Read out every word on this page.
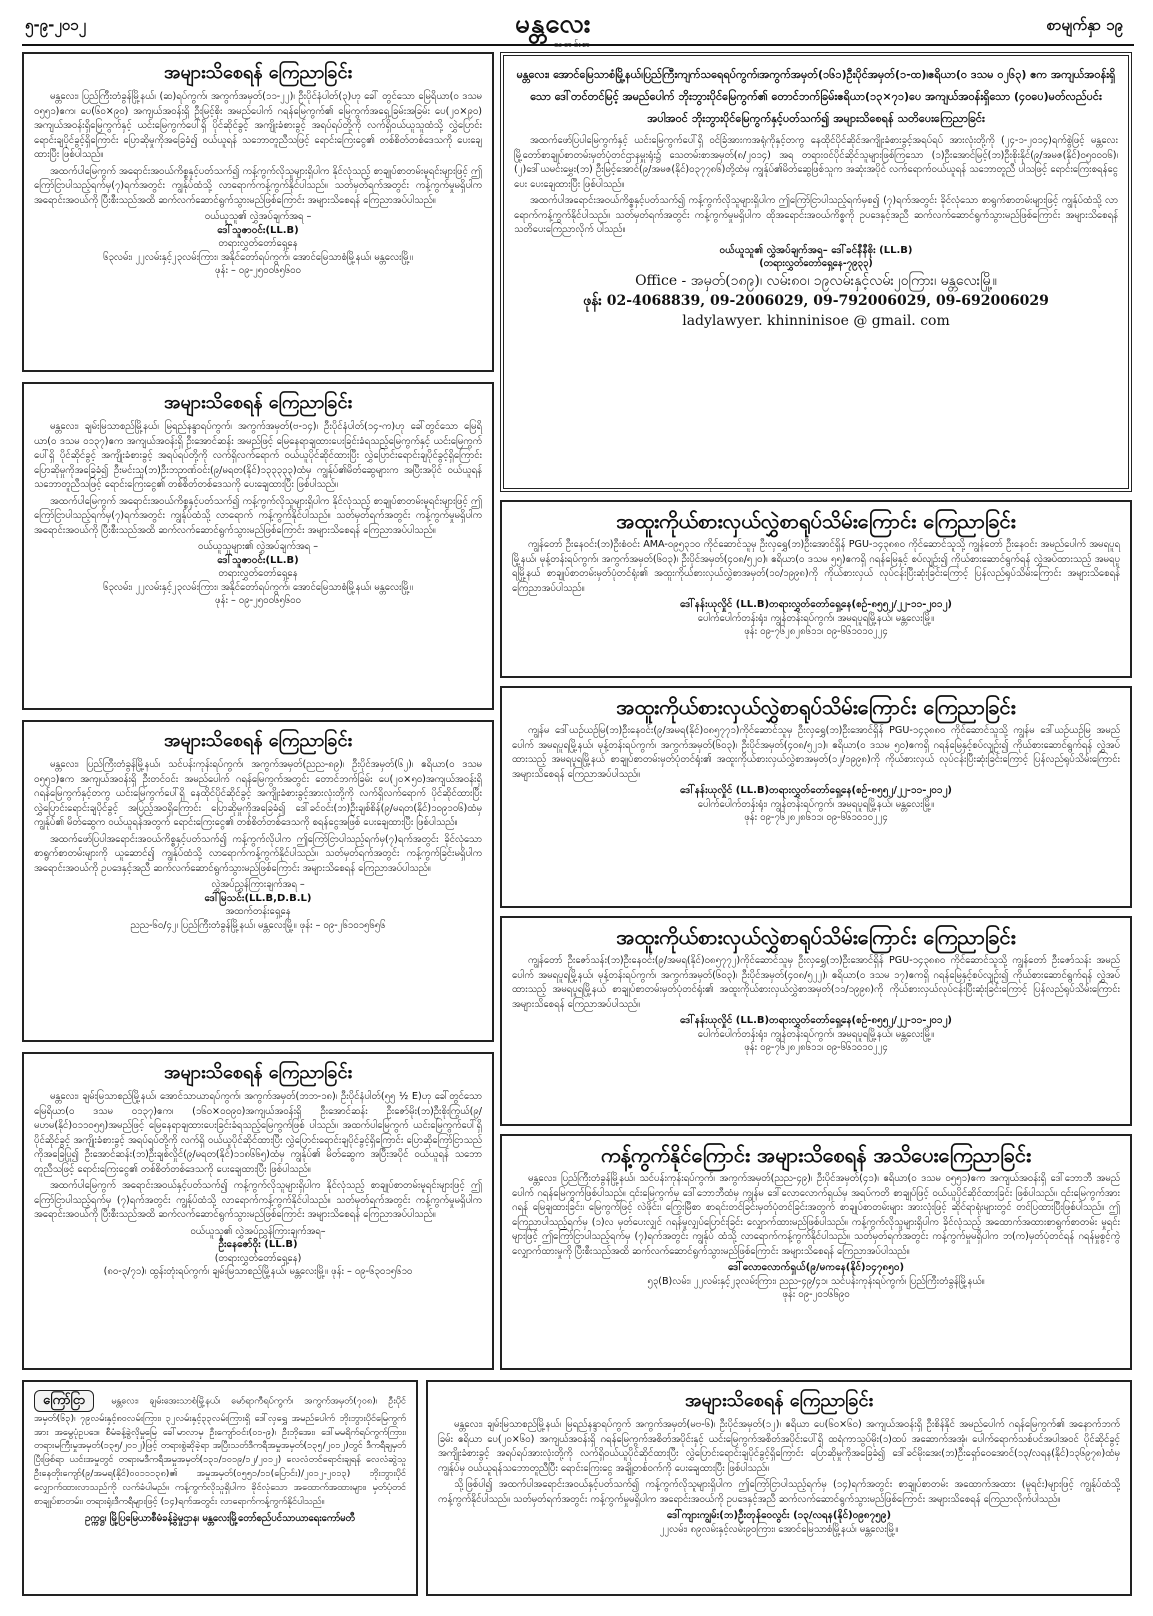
၅-၉-၂၀၁၂	မန္တလေး	စာမျက်နှာ ၁၉
အများသိစေရန် ကြေညာခြင်း

မန္တလေး၊ ပြည်ကြီးတံခွန်မြို့နယ်၊ (ဆ)ရပ်ကွက်၊ အကွက်အမှတ်(၁၁-၂၂)၊ ဦးပိုင်နံပါတ်(၃)ဟု ခေါ် တွင်သော မြေရိယာ(၀ ဒသမ ၀၅၅၁)ဧက၊ ပေ(၆၀×၉၀) အကျယ်အဝန်းရှိ ဦးမြင့်စိုး အမည်ပေါက် ဂရန်မြေကွက်၏ မြေကွက်အရှေ့ခြမ်းအခြမ်း ပေ(၂၀×၉၀) အကျယ်အဝန်းရှိမြေကွက်နှင့် ယင်းမြေကွက်ပေါ်ရှိ ပိုင်ဆိုင်ခွင့် အကျိုးခံစားခွင့် အရပ်ရပ်တို့ကို လက်ရှိဝယ်ယူသူထံသို့ လွှဲပြောင်းရောင်းချပိုင်ခွင့်ရှိကြောင်း ပြောဆိုမှုကိုအခြေခံ၍ ဝယ်ယူရန် သဘောတူညီသဖြင့် ရောင်းကြေးငွေ၏ တစ်စိတ်တစ်ဒေသကို ပေးချေထားပြီး ဖြစ်ပါသည်။

အထက်ပါမြေကွက် အရောင်းအဝယ်ကိစ္စနှင့်ပတ်သက်၍ ကန့်ကွက်လိုသူများရှိပါက နိုင်လုံသည့် စာချုပ်စာတမ်းမူရင်းများဖြင့် ဤကြော်ငြာပါသည့်ရက်မှ(၇)ရက်အတွင်း ကျွန်ုပ်ထံသို့ လာရောက်ကန့်ကွက်နိုင်ပါသည်။ သတ်မှတ်ရက်အတွင်း ကန့်ကွက်မှုမရှိပါက အရောင်းအဝယ်ကို ပြီးစီးသည်အထိ ဆက်လက်ဆောင်ရွက်သွားမည်ဖြစ်ကြောင်း အများသိစေရန် ကြေညာအပ်ပါသည်။

ဝယ်ယူသူ၏ လွှဲအပ်ချက်အရ –
ဒေါ်သူဇာဝင်း(LL.B)
တရားလွှတ်တော်ရှေ့နေ
၆၃လမ်း၊ ၂၂လမ်းနှင့်၂၃လမ်းကြား၊ အနိုင်တော်ရပ်ကွက်၊ အောင်မြေသာစံမြို့နယ်၊ မန္တလေးမြို့။
ဖုန်း – ၀၉-၂၅၀၀၆၅၆၀၀
အများသိစေရန် ကြေညာခြင်း

မန္တလေး၊ ချမ်းမြသာစည်မြို့နယ်၊ မြရည်နန္ဒာရပ်ကွက်၊ အကွက်အမှတ်(ဗ-၁၄)၊ ဦးပိုင်နံပါတ်(၁၄-က)ဟု ခေါ်တွင်သော မြေရိယာ(၀ ဒသမ ၀၁၃၇)ဧက အကျယ်အဝန်းရှိ ဦးအောင်ဆန်း အမည်ဖြင့် မြေနေရာချထားပေးခြင်းခံရသည့်မြေကွက်နှင့် ယင်းမြေကွက်ပေါ်ရှိ ပိုင်ဆိုင်ခွင့် အကျိုးခံစားခွင့် အရပ်ရပ်တို့ကို လက်ရှိလက်ရောက် ဝယ်ယူပိုင်ဆိုင်ထားပြီး လွှဲပြောင်းရောင်းချပိုင်ခွင့်ရှိကြောင်း ပြောဆိုမှုကိုအခြေခံ၍ ဦးမင်းသူ(ဘ)ဦးဘဉာဏ်ဝင်း(၉/မရတ(နိုင်)၁၃၃၃၃၃)ထံမှ ကျွန်ုပ်၏မိတ်ဆွေများက အပြီးအပိုင် ဝယ်ယူရန် သဘောတူညီသဖြင့် ရောင်းကြေးငွေ၏ တစ်စိတ်တစ်ဒေသကို ပေးချေထားပြီး ဖြစ်ပါသည်။

အထက်ပါမြေကွက် အရောင်းအဝယ်ကိစ္စနှင့်ပတ်သက်၍ ကန့်ကွက်လိုသူများရှိပါက နိုင်လုံသည့် စာချုပ်စာတမ်းမူရင်းများဖြင့် ဤကြော်ငြာပါသည့်ရက်မှ(၇)ရက်အတွင်း ကျွန်ုပ်ထံသို့ လာရောက် ကန့်ကွက်နိုင်ပါသည်။ သတ်မှတ်ရက်အတွင်း ကန့်ကွက်မှုမရှိပါက အရောင်းအဝယ်ကို ပြီးစီးသည်အထိ ဆက်လက်ဆောင်ရွက်သွားမည်ဖြစ်ကြောင်း အများသိစေရန် ကြေညာအပ်ပါသည်။

ဝယ်ယူသူများ၏ လွှဲအပ်ချက်အရ –
ဒေါ်သူဇာဝင်း(LL.B)
တရားလွှတ်တော်ရှေ့နေ
၆၃လမ်း၊ ၂၂လမ်းနှင့်၂၃လမ်းကြား၊ အနိုင်တော်ရပ်ကွက်၊ အောင်မြေသာစံမြို့နယ်၊ မန္တလေးမြို့။
ဖုန်း – ၀၉-၂၅၀၀၆၅၆၀၀
အများသိစေရန် ကြေညာခြင်း

မန္တလေး၊ ပြည်ကြီးတံခွန်မြို့နယ်၊ သင်ပန်းကုန်းရပ်ကွက်၊ အကွက်အမှတ်(ညည-၈၉)၊ ဦးပိုင်အမှတ်(၆၂)၊ ဧရိယာ(၀ ဒသမ ၀၅၅၁)ဧက အကျယ်အဝန်းရှိ ဦးတင်ဝင်း အမည်ပေါက် ဂရန်မြေကွက်အတွင်း တောင်ဘက်ခြမ်း ပေ(၂၀×၅၀)အကျယ်အဝန်းရှိ ဂရန်မြေကွက်နှင့်တကွ ယင်းမြေကွက်ပေါ်ရှိ နေထိုင်ပိုင်ဆိုင်ခွင့် အကျိုးခံစားခွင့်အားလုံးတို့ကို လက်ရှိလက်ရောက် ပိုင်ဆိုင်ထားပြီး လွှဲပြောင်းရောင်းချပိုင်ခွင့် အပြည့်အဝရှိကြောင်း ပြောဆိုမှုကိုအခြေခံ၍ ဒေါ်ခင်ဝင်း(ဘ)ဦးချစ်စိန်(၉/မရတ(နိုင်)၁၀၉၁၀၆)ထံမှ ကျွန်ုပ်၏ မိတ်ဆွေက ဝယ်ယူရန်အတွက် ရောင်းကြေးငွေ၏ တစ်စိတ်တစ်ဒေသကို စရန်ငွေအဖြစ် ပေးချေထားပြီး ဖြစ်ပါသည်။

အထက်ဖော်ပြပါအရောင်းအဝယ်ကိစ္စနှင့်ပတ်သက်၍ ကန့်ကွက်လိုပါက ဤကြော်ငြာပါသည့်ရက်မှ(၇)ရက်အတွင်း ခိုင်လုံသော စာရွက်စာတမ်းများကို ယူဆောင်၍ ကျွန်ုပ်ထံသို့ လာရောက်ကန့်ကွက်နိုင်ပါသည်။ သတ်မှတ်ရက်အတွင်း ကန့်ကွက်ခြင်းမရှိပါက အရောင်းအဝယ်ကို ဥပဒေနှင့်အညီ ဆက်လက်ဆောင်ရွက်သွားမည်ဖြစ်ကြောင်း အများသိစေရန် ကြေညာအပ်ပါသည်။

လွှဲအပ်ညွှန်ကြားချက်အရ –
ဒေါ်မြသင်း(LL.B,D.B.L)
အထက်တန်းရှေ့နေ
ညည-၆၀/၄၂၊ ပြည်ကြီးတံခွန်မြို့နယ်၊ မန္တလေးမြို့။ ဖုန်း – ၀၉-၂၆၁၀၁၅၆၅၆
အများသိစေရန် ကြေညာခြင်း

မန္တလေး၊ ချမ်းမြသာစည်မြို့နယ်၊ အောင်သာယာရပ်ကွက်၊ အကွက်အမှတ်(ဘဘ-၁၈)၊ ဦးပိုင်နံပါတ်(၅၅ ½ E)ဟု ခေါ်တွင်သော မြေရိယာ(၀ ဒသမ ၀၁၃၇)ဧက၊ (၁၆၀×၀၀၉၀)အကျယ်အဝန်းရှိ ဦးအောင်ဆန်း ဦးဇော်မိုး(ဘ)ဦးစိုးကြွယ်(၉/မဟမ(နိုင်)၀၁၁၀၅၅)အမည်ဖြင့် မြေနေရာချထားပေးခြင်းခံရသည့်မြေကွက်ဖြစ် ပါသည်။ အထက်ပါမြေကွက် ယင်းမြေကွက်ပေါ်ရှိ ပိုင်ဆိုင်ခွင့် အကျိုးခံစားခွင့် အရပ်ရပ်တို့ကို လက်ရှိ ဝယ်ယူပိုင်ဆိုင်ထားပြီး လွှဲပြောင်းရောင်းချပိုင်ခွင့်ရှိကြောင်း ပြောဆိုကြော်ငြာသည်ကိုအခြေပြု၍ ဦးအောင်ဆန်း(ဘ)ဦးချစ်လှိုင်(၉/မရတ(နိုင်)၁၁၈၆၆၅)ထံမှ ကျွန်ုပ်၏ မိတ်ဆွေက အပြီးအပိုင် ဝယ်ယူရန် သဘော တူညီသဖြင့် ရောင်းကြေးငွေ၏ တစ်စိတ်တစ်ဒေသကို ပေးချေထားပြီး ဖြစ်ပါသည်။

အထက်ပါမြေကွက် အရောင်းအဝယ်နှင့်ပတ်သက်၍ ကန့်ကွက်လိုသူများရှိပါက နိုင်လုံသည့် စာချုပ်စာတမ်းမူရင်းများဖြင့် ဤကြော်ငြာပါသည့်ရက်မှ (၇)ရက်အတွင်း ကျွန်ုပ်ထံသို့ လာရောက်ကန့်ကွက်နိုင်ပါသည်။ သတ်မှတ်ရက်အတွင်း ကန့်ကွက်မှုမရှိပါက အရောင်းအဝယ်ကို ပြီးစီးသည်အထိ ဆက်လက်ဆောင်ရွက်သွားမည်ဖြစ်ကြောင်း အများသိစေရန် ကြေညာအပ်ပါသည်။

ဝယ်ယူသူ၏ လွှဲအပ်ညွှန်ကြားချက်အရ–
ဦးနေဇော်ဝိုး (LL.B)
(တရားလွှတ်တော်ရှေ့နေ)
(၈၀-၃/၇၁)၊ ထွန်းတုံးရပ်ကွက်၊ ချမ်းမြသာစည်မြို့နယ်၊ မန္တလေးမြို့။ ဖုန်း – ၀၉-၆၃၀၁၅၆၁၀
မန္တလေး၊ အောင်မြေသာစံမြို့နယ်၊ပြည်ကြီးကျက်သရေရပ်ကွက်၊အကွက်အမှတ်(၁၆၁)ဦးပိုင်အမှတ်(၁-ထ)၊ဧရိယာ(၀ ဒသမ ၀၂၆၃) ဧက အကျယ်အဝန်းရှိသော ဒေါ်တင်တင်မြင့် အမည်ပေါက် ဘိုးဘွားပိုင်မြေကွက်၏ တောင်ဘက်ခြမ်းဧရိယာ(၁၃×၇၁)ပေ အကျယ်အဝန်းရှိသော (၄၀ပေ)မတ်လည်ပင်းအပါအဝင် ဘိုးဘွားပိုင်မြေကွက်နှင့်ပတ်သက်၍ အများသိစေရန် သတိပေးကြေညာခြင်း

အထက်ဖော်ပြပါမြေကွက်နှင့် ယင်းမြေကွက်ပေါ်ရှိ ဝင်ခြံအားကအရုံကိုနှင့်တကွ နေထိုင်ပိုင်ဆိုင်အကျိုးခံစားခွင့်အရပ်ရပ် အားလုံးတို့ကို (၂၄-၁-၂၀၁၄)ရက်စွဲဖြင့် မန္တလေးမြို့တော်စာချုပ်စာတမ်းမှတ်ပုံတင်ဌာနမှူးရုံး၌ သေတမ်းစာအမှတ်(၈/၂၀၁၄) အရ တရားဝင်ပိုင်ဆိုင်သူများဖြစ်ကြသော (၁)ဦးအောင်မြင့်(ဘ)ဦးစိုးနိုင်(၉/အမဇ(နိုင်)၀၅၀၀၀၆)၊ (၂)ဒေါ်ယမင်းမွှေး(ဘ) ဦးမြင့်အောင်(၉/အမဇ(နိုင်)၀၃၇၇၈၆)တို့ထံမှ ကျွန်ုပ်၏မိတ်ဆွေဖြစ်သူက အဆုံးအပိုင် လက်ရောက်ဝယ်ယူရန် သဘောတူညီ ပါသဖြင့် ရောင်းကြေးစရန်ငွေပေး ပေးချေထားပြီး ဖြစ်ပါသည်။

အထက်ပါအရောင်းအဝယ်ကိစ္စနှင့်ပတ်သက်၍ ကန့်ကွက်လိုသူများရှိပါက ဤကြော်ငြာပါသည့်ရက်မှစ၍ (၇)ရက်အတွင်း ခိုင်လုံသော စာရွက်စာတမ်းများဖြင့် ကျွန်ုပ်ထံသို့ လာရောက်ကန့်ကွက်နိုင်ပါသည်။ သတ်မှတ်ရက်အတွင်း ကန့်ကွက်မှုမရှိပါက ထိုအရောင်းအဝယ်ကိစ္စကို ဥပဒေနှင့်အညီ ဆက်လက်ဆောင်ရွက်သွားမည်ဖြစ်ကြောင်း အများသိစေရန် သတိပေးကြေညာလိုက် ပါသည်။

ဝယ်ယူသူ၏ လွှဲအပ်ချက်အရ– ဒေါ်ခင်နီနီစိုး (LL.B)
(တရားလွှတ်တော်ရှေ့နေ-၇၉၃၃)
Office - အမှတ်(၁၈၉)၊ လမ်း၈၀၊ ၁၉လမ်းနှင့်လမ်း၂၀ကြား၊ မန္တလေးမြို့။
ဖုန်း 02-4068839, 09-2006029, 09-792006029, 09-692006029
ladylawyer. khinninisoe @ gmail. com
အထူးကိုယ်စားလှယ်လွှဲစာရုပ်သိမ်းကြောင်း ကြေညာခြင်း

ကျွန်တော် ဦးနေဝင်း(ဘ)ဦးစံဝင်း AMA-၀၉၅၃၁၀ ကိုင်ဆောင်သူမှ ဦးလှရွှေ(ဘ)ဦးအောင်ရှိန် PGU-၁၄၃၈၈၀ ကိုင်ဆောင်သူသို့ ကျွန်တော် ဦးနေဝင်း အမည်ပေါက် အမရပူရမြို့နယ်၊ မုန့်တန်းရပ်ကွက်၊ အကွက်အမှတ်(၆၀၃)၊ ဦးပိုင်အမှတ်(၄၀၈/၅၂၀)၊ ဧရိယာ(၀ ဒသမ ၅၅)ဧကရှိ ဂရန်မြေနှင့် စပ်လျဉ်း၍ ကိုယ်စားဆောင်ရွက်ရန် လွှဲအပ်ထားသည့် အမရပူရမြို့နယ် စာချုပ်စာတမ်းမှတ်ပုံတင်ရုံး၏ အထူးကိုယ်စားလှယ်လွှဲစာအမှတ်(၁၀/၁၉၉၈)ကို ကိုယ်စားလှယ် လုပ်ငန်းပြီးဆုံးခြင်းကြောင့် ပြန်လည်ရုပ်သိမ်းကြောင်း အများသိစေရန် ကြေညာအပ်ပါသည်။

ဒေါ်နန်းယုလှိုင် (LL.B)တရားလွှတ်တော်ရှေ့နေ(စဉ်-၈၅၅၂/၂၂-၁၁-၂၀၁၂)
ပေါက်ပေါက်တန်းရုံး၊ ကျွန်တန်းရပ်ကွက်၊ အမရပူရမြို့နယ်၊ မန္တလေးမြို့။
ဖုန်း ၀၉-၇၆၂၈၂၈၆၁၁၊ ၀၉-၆၆၁၀၁၀၂၂၄
အထူးကိုယ်စားလှယ်လွှဲစာရုပ်သိမ်းကြောင်း ကြေညာခြင်း

ကျွန်မ ဒေါ်ယဉ်ယဉ်မြ(ဘ)ဦးနေဝင်း(၉/အမရ(နိုင်)၀၈၅၇၇၁)ကိုင်ဆောင်သူမှ ဦးလှရွှေ(ဘ)ဦးအောင်ရှိန် PGU-၁၄၃၈၈၀ ကိုင်ဆောင်သူသို့ ကျွန်မ ဒေါ်ယဉ်ယဉ်မြ အမည်ပေါက် အမရပူရမြို့နယ်၊ မုန့်တန်းရပ်ကွက်၊ အကွက်အမှတ်(၆၀၃)၊ ဦးပိုင်အမှတ်(၄၀၈/၅၂၁)၊ ဧရိယာ(၀ ဒသမ ၅၀)ဧကရှိ ဂရန်မြေနှင့်စပ်လျဉ်း၍ ကိုယ်စားဆောင်ရွက်ရန် လွှဲအပ်ထားသည့် အမရပူရမြို့နယ် စာချုပ်စာတမ်းမှတ်ပုံတင်ရုံး၏ အထူးကိုယ်စားလှယ်လွှဲစာအမှတ်(၁၂/၁၉၉၈)ကို ကိုယ်စားလှယ် လုပ်ငန်းပြီးဆုံးခြင်းကြောင့် ပြန်လည်ရုပ်သိမ်းကြောင်း အများသိစေရန် ကြေညာအပ်ပါသည်။

ဒေါ်နန်းယုလှိုင် (LL.B)တရားလွှတ်တော်ရှေ့နေ(စဉ်-၈၅၅၂/၂၂-၁၁-၂၀၁၂)
ပေါက်ပေါက်တန်းရုံး၊ ကျွန်တန်းရပ်ကွက်၊ အမရပူရမြို့နယ်၊ မန္တလေးမြို့။
ဖုန်း ၀၉-၇၆၂၈၂၈၆၁၁၊ ၀၉-၆၆၁၀၁၀၂၂၄
အထူးကိုယ်စားလှယ်လွှဲစာရုပ်သိမ်းကြောင်း ကြေညာခြင်း

ကျွန်တော် ဦးဇော်သန်း(ဘ)ဦးနေဝင်း(၉/အမရ(နိုင်)၀၈၅၇၇၂)ကိုင်ဆောင်သူမှ ဦးလှရွှေ(ဘ)ဦးအောင်ရှိန် PGU-၁၄၃၈၈၀ ကိုင်ဆောင်သူသို့ ကျွန်တော် ဦးဇော်သန်း အမည်ပေါက် အမရပူရမြို့နယ်၊ မုန့်တန်းရပ်ကွက်၊ အကွက်အမှတ်(၆၀၃)၊ ဦးပိုင်အမှတ်(၄၀၈/၅၂၂)၊ ဧရိယာ(၀ ဒသမ ၁၇)ဧကရှိ ဂရန်မြေနှင့်စပ်လျဉ်း၍ ကိုယ်စားဆောင်ရွက်ရန် လွှဲအပ်ထားသည့် အမရပူရမြို့နယ် စာချုပ်စာတမ်းမှတ်ပုံတင်ရုံး၏ အထူးကိုယ်စားလှယ်လွှဲစာအမှတ်(၁၁/၁၉၉၈)ကို ကိုယ်စားလှယ်လုပ်ငန်းပြီးဆုံးခြင်းကြောင့် ပြန်လည်ရုပ်သိမ်းကြောင်း အများသိစေရန် ကြေညာအပ်ပါသည်။

ဒေါ်နန်းယုလှိုင် (LL.B)တရားလွှတ်တော်ရှေ့နေ(စဉ်-၈၅၅၂/၂၂-၁၁-၂၀၁၂)
ပေါက်ပေါက်တန်းရုံး၊ ကျွန်တန်းရပ်ကွက်၊ အမရပူရမြို့နယ်၊ မန္တလေးမြို့။
ဖုန်း ၀၉-၇၆၂၈၂၈၆၁၁၊ ၀၉-၆၆၁၀၁၀၂၂၄
ကန့်ကွက်နိုင်ကြောင်း အများသိစေရန် အသိပေးကြေညာခြင်း

မန္တလေး၊ ပြည်ကြီးတံခွန်မြို့နယ်၊ သင်ပန်းကုန်းရပ်ကွက်၊ အကွက်အမှတ်(ညည-၄၉)၊ ဦးပိုင်အမှတ်(၄၁)၊ ဧရိယာ(၀ ဒသမ ၀၅၅၁)ဧက အကျယ်အဝန်းရှိ ဒေါ်ဘောဘီ အမည်ပေါက် ဂရန်မြေကွက်ဖြစ်ပါသည်။ ၎င်းမြေကွက်မှ ဒေါ်ဘောဘီထံမှ ကျွန်မ ဒေါ်လောလောက်ရှယ်မှ အရပ်ကတိ စာချုပ်ဖြင့် ဝယ်ယူပိုင်ဆိုင်ထားခြင်း ဖြစ်ပါသည်။ ၎င်းမြေကွက်အား ဂရန် မြေချထားခြင်း၊ မြေကွက်ဖြင့် လဲဖိုင်း၊ ကြွေးမြီစာ စာရင်းတင်ခြင်းမှတ်ပုံတင်ခြင်းအတွက် စာချုပ်စာတမ်းများ အားလုံးဖြင့် ဆိုင်ရာရုံးများတွင် တင်ပြထားပြီးဖြစ်ပါသည်။ ဤကြေညာပါသည့်ရက်မှ (၁)လ မှတ်ပေးလျှင် ဂရန်မှုလျှပ်ပြောင်းခြင်း လျှောက်ထားမည်ဖြစ်ပါသည်။ ကန့်ကွက်လိုသူများရှိပါက ခိုင်လုံသည့် အထောက်အထားစာရွက်စာတမ်း မှုရင်းများဖြင့် ဤကြော်ငြာပါသည့်ရက်မှ (၇)ရက်အတွင်း ကျွန်ုပ် ထံသို့ လာရောက်ကန့်ကွက်နိုင်ပါသည်။ သတ်မှတ်ရက်အတွင်း ကန့်ကွက်မှုမရှိပါက ဘ(က)မှတ်ပုံတင်ရန် ဂရန်မှုစွင့်ကွဲ လျှောက်ထားမှုကို ပြီးစီးသည်အထိ ဆက်လက်ဆောင်ရွက်သွားမည်ဖြစ်ကြောင်း အများသိစေရန် ကြေညာအပ်ပါသည်။

ဒေါ်လောလောက်ရှယ်(၉/မကနေ(နိုင်)၁၄၇၈၅၀)
၅၃(B)လမ်း၊ ၂၂လမ်းနှင့်၂၃လမ်းကြား၊ ညည-၄၉/၄၁၊ သင်ပန်းကုန်းရပ်ကွက်၊ ပြည်ကြီးတံခွန်မြို့နယ်။
ဖုန်း ၀၉-၂၀၁၆၆၉၀
ကြော်ငြာ	မန္တလေး၊ ချမ်းအေးသာစံမြို့နယ်၊ မော်ရာကီရပ်ကွက်၊ အကွက်အမှတ်(၇၀၈)၊ ဦးပိုင်အမှတ်(၆၃)၊ ၇၉လမ်းနှင့်၈၀လမ်းကြား၊ ၃၂လမ်းနှင့်၃၃လမ်းကြားရှိ ဒေါ်လှရွှေ အမည်ပေါက် ဘိုးဘွားပိုင်မြေကွက်အား အမွေပုံဥပဒေ၊ စီမံခန့်ခွဲလိုမှုမြေ ခေါ်မာလာမှ ဦးကျော်ဝင်း(၀၁-၉)၊ ဦးဘိုအေး၊ ဒေါ်မမရိက်ရပ်ကွက်ကြား၊ တရားမကြီးမှုအမှတ်(၁၃၅/၂၀၁၂)ဖြင့် တရားစွဲဆိုခဲ့ရာ အပြီးသတ်ဒီကရီအမှုအမှတ်(၁၃၅/၂၀၁၂)တွင် ဒီကရီချမှတ်ပြီးဖြစ်ရာ ယင်းအမှုတွင် တရားမဒီကရီအမှုအမှတ်(၁၃၁/၁၀၁၉/၁၂/၂၀၁၂) လေလံတင်ရောင်းချရန် လေလံဆွဲသူ ဦးနေတိုးကျော်(၉/အမရ(နိုင်)၀၀၁၁၁၃၈)၏ အမှုအမှတ်(၀၅၅၁/၁၁(ပြောင်း)/၂၀၁၂-၂၀၁၃) ဘိုးဘွားပိုင် လျှောက်ထားလာသည်ကို လက်ခံပါမည်။ ကန့်ကွက်လိုသူရှိပါက ခိုင်လုံသော အထောက်အထားများ၊ မှတ်ပုံတင်စာချုပ်စာတမ်း၊ တရားရုံးဒီကရီများဖြင့် (၁၄)ရက်အတွင်း လာရောက်ကန့်ကွက်နိုင်ပါသည်။
ဥက္ကဋ္ဌ၊ မြို့ပြမြေယာစီမံခန့်ခွဲမှုဌာန၊ မန္တလေးမြို့တော်စည်ပင်သာယာရေးကော်မတီ
အများသိစေရန် ကြေညာခြင်း

မန္တလေး၊ ချမ်းမြသာစည်မြို့နယ်၊ မြရည်နန္ဒာရပ်ကွက် အကွက်အမှတ်(မဗ-၆)၊ ဦးပိုင်အမှတ်(၁၂)၊ ဧရိယာ ပေ(၆၀×၆၀) အကျယ်အဝန်းရှိ ဦးစိန်နိုင် အမည်ပေါက် ဂရန်မြေကွက်၏ အနောက်ဘက်ခြမ်း ဧရိယာ ပေ(၂၀×၆၀) အကျယ်အဝန်းရှိ ဂရန်မြေကွက်အစိတ်အပိုင်းနှင့် ယင်းမြေကွက်အစိတ်အပိုင်းပေါ်ရှိ ထရံကာသွပ်မိုး(၁)ထပ် အဆောက်အအုံ၊ ပေါက်ရောက်သစ်ပင်အပါအဝင် ပိုင်ဆိုင်ခွင့်အကျိုးခံစားခွင့် အရပ်ရပ်အားလုံးတို့ကို လက်ရှိဝယ်ယူပိုင်ဆိုင်ထားပြီး လွှဲပြောင်းရောင်းချပိုင်ခွင့်ရှိကြောင်း ပြောဆိုမှုကိုအခြေခံ၍ ဒေါ်ခင်မိုးအေး(ဘ)ဦးရှော်ဝေအောင်(၁၃/လရန(နိုင်)၁၃၆၉၇၈)ထံမှ ကျွန်ုပ်မှ ဝယ်ယူရန်သဘောတူညီပြီး ရောင်းကြေးငွေ အချို့တစ်ဝက်ကို ပေးချေထားပြီး ဖြစ်ပါသည်။

သို့ဖြစ်ပါ၍ အထက်ပါအရောင်းအဝယ်နှင့်ပတ်သက်၍ ကန့်ကွက်လိုသူများရှိပါက ဤကြော်ငြာပါသည့်ရက်မှ (၁၄)ရက်အတွင်း စာချုပ်စာတမ်း အထောက်အထား (မူရင်း)များဖြင့် ကျွန်ုပ်ထံသို့ ကန့်ကွက်နိုင်ပါသည်။ သတ်မှတ်ရက်အတွင်း ကန့်ကွက်မှုမရှိပါက အရောင်းအဝယ်ကို ဥပဒေနှင့်အညီ ဆက်လက်ဆောင်ရွက်သွားမည်ဖြစ်ကြောင်း အများသိစေရန် ကြေညာလိုက်ပါသည်။

ဒေါ်ကျားကျွမ်း(ဘ)ဦးတုန်ဝေလွင်း (၁၃/လရန(နိုင်)၀၉၈၇၅၉)
၂၂လမ်း၊ ၈၉လမ်းနှင့်လမ်း၉၀ကြား၊ အောင်မြေသာစံမြို့နယ်၊ မန္တလေးမြို့။
